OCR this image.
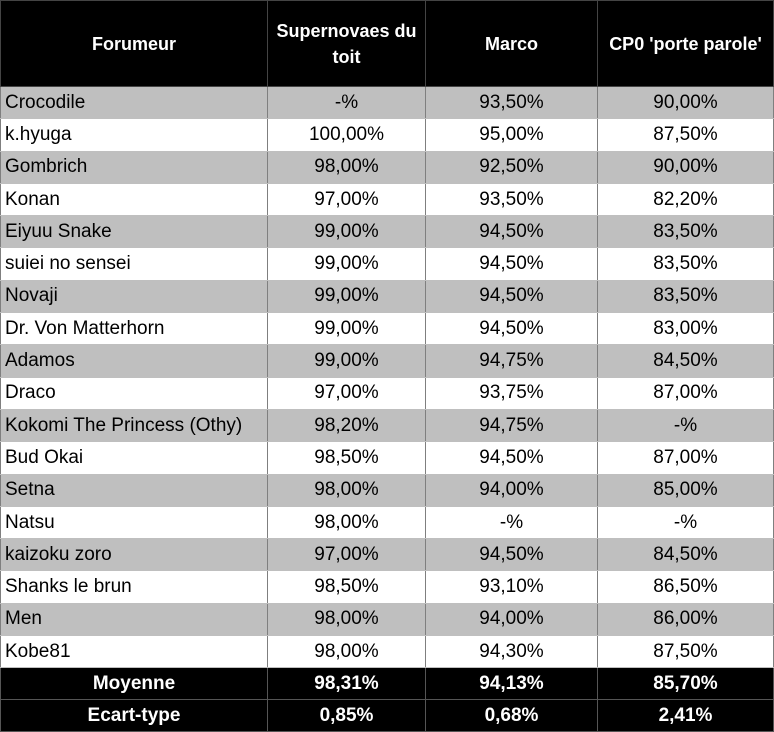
Forumeur	Supernovaes du toit	Marco	CP0 'porte parole'
Crocodile	-%	93,50%	90,00%
k.hyuga	100,00%	95,00%	87,50%
Gombrich	98,00%	92,50%	90,00%
Konan	97,00%	93,50%	82,20%
Eiyuu Snake	99,00%	94,50%	83,50%
suiei no sensei	99,00%	94,50%	83,50%
Novaji	99,00%	94,50%	83,50%
Dr. Von Matterhorn	99,00%	94,50%	83,00%
Adamos	99,00%	94,75%	84,50%
Draco	97,00%	93,75%	87,00%
Kokomi The Princess (Othy)	98,20%	94,75%	-%
Bud Okai	98,50%	94,50%	87,00%
Setna	98,00%	94,00%	85,00%
Natsu	98,00%	-%	-%
kaizoku zoro	97,00%	94,50%	84,50%
Shanks le brun	98,50%	93,10%	86,50%
Men	98,00%	94,00%	86,00%
Kobe81	98,00%	94,30%	87,50%
Moyenne	98,31%	94,13%	85,70%
Ecart-type	0,85%	0,68%	2,41%
